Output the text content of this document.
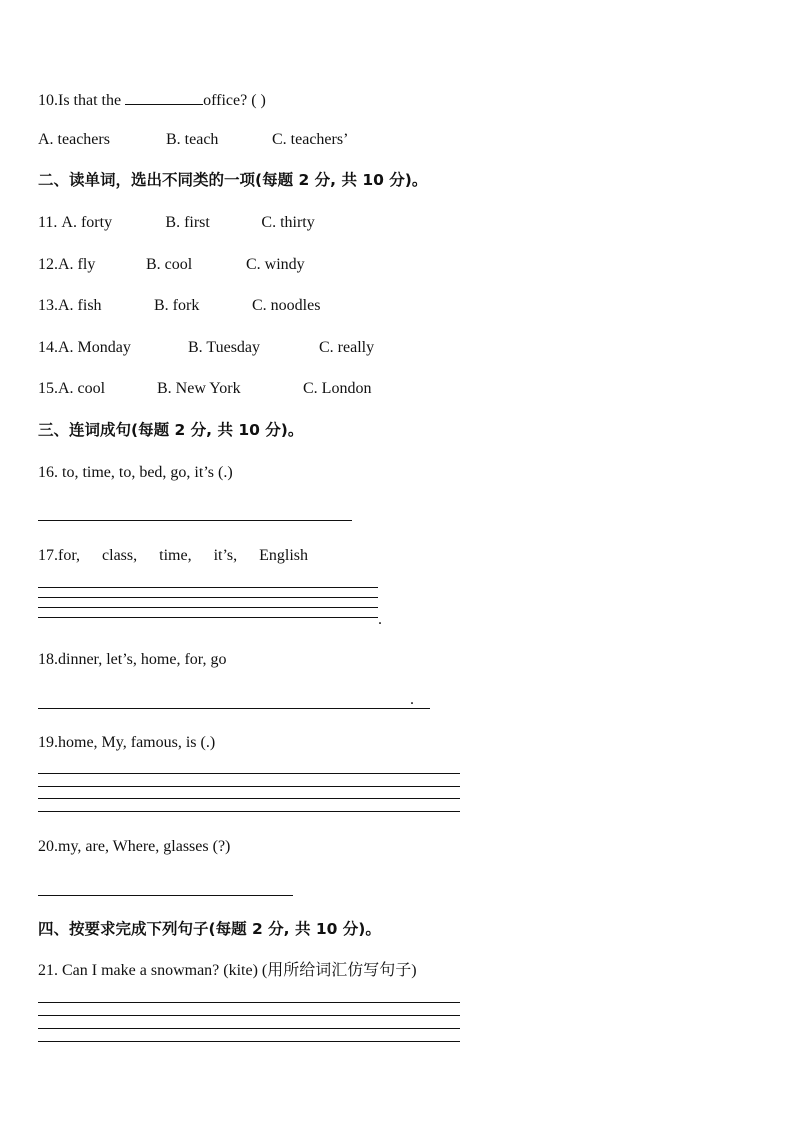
10.Is that the	office? ( )
A. teachers	B. teach	C. teachers’
二、读单词，选出不同类的一项(每题 2 分, 共 10 分)。
11. A. forty	B. first	C. thirty
12.A. fly	B. cool	C. windy
13.A. fish	B. fork	C. noodles
14.A. Monday	B. Tuesday	C. really
15.A. cool	B. New York	C. London
三、连词成句(每题 2 分, 共 10 分)。
16. to, time, to, bed, go, it’s (.)
17.for, class, time, it’s, English
.
18.dinner, let’s, home, for, go
.
19.home, My, famous, is (.)
20.my, are, Where, glasses (?)
四、按要求完成下列句子(每题 2 分, 共 10 分)。
21. Can I make a snowman? (kite) (用所给词汇仿写句子)
